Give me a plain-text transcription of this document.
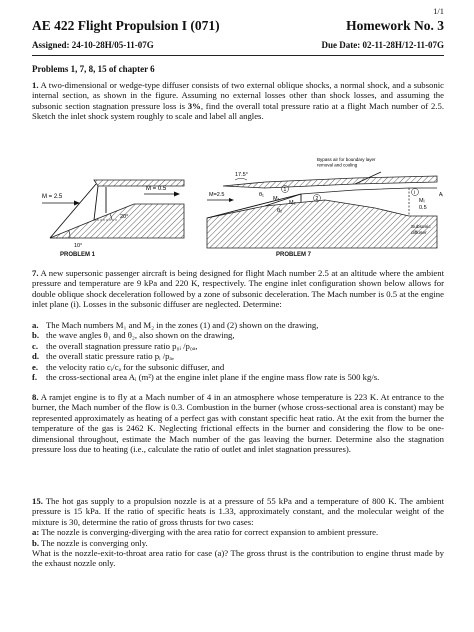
1/1
AE 422 Flight Propulsion I (071)	Homework No. 3
Assigned: 24-10-28H/05-11-07G	Due Date: 02-11-28H/12-11-07G
Problems 1, 7, 8, 15 of chapter 6

1. A two-dimensional or wedge-type diffuser consists of two external oblique shocks, a normal shock, and a subsonic internal section, as shown in the figure. Assuming no external losses other than shock losses, and assuming the subsonic section stagnation pressure loss is 3%, find the overall total pressure ratio at a flight Mach number of 2.5. Sketch the inlet shock system roughly to scale and label all angles.

M = 2.5
M = 0.5
10°
20°
PROBLEM 1
Bypass air for boundary layer
removal and cooling
17.5°
M=2.5	θ₁
θ₂
M₁
M₂
1
2
i
Mᵢ
0.5
Aᵢ
Subsonic
diffuser
PROBLEM 7

7. A new supersonic passenger aircraft is being designed for flight Mach number 2.5 at an altitude where the ambient pressure and temperature are 9 kPa and 220 K, respectively. The engine inlet configuration shown below allows for double oblique shock deceleration followed by a zone of subsonic deceleration. The Mach number is 0.5 at the engine inlet plane (i). Losses in the subsonic diffuser are neglected. Determine:

a. The Mach numbers M₁ and M₂ in the zones (1) and (2) shown on the drawing,
b. the wave angles θ₁ and θ₂, also shown on the drawing,
c. the overall stagnation pressure ratio p₀ᵢ /p₀ₐ,
d. the overall static pressure ratio pᵢ /pₐ,
e. the velocity ratio cᵢ/cₐ for the subsonic diffuser, and
f.	the cross-sectional area Aᵢ (m²) at the engine inlet plane if the engine mass flow rate is 500 kg/s.

8. A ramjet engine is to fly at a Mach number of 4 in an atmosphere whose temperature is 223 K. At entrance to the burner, the Mach number of the flow is 0.3. Combustion in the burner (whose cross-sectional area is constant) may be represented approximately as heating of a perfect gas with constant specific heat ratio. At the exit from the burner the temperature of the gas is 2462 K. Neglecting frictional effects in the burner and considering the flow to be one-dimensional throughout, estimate the Mach number of the gas leaving the burner. Determine also the stagnation pressure loss due to heating (i.e., calculate the ratio of outlet and inlet stagnation pressures).

15. The hot gas supply to a propulsion nozzle is at a pressure of 55 kPa and a temperature of 800 K. The ambient pressure is 15 kPa. If the ratio of specific heats is 1.33, approximately constant, and the molecular weight of the mixture is 30, determine the ratio of gross thrusts for two cases:
a: The nozzle is converging-diverging with the area ratio for correct expansion to ambient pressure.
b. The nozzle is converging only.
What is the nozzle-exit-to-throat area ratio for case (a)? The gross thrust is the contribution to engine thrust made by the exhaust nozzle only.
